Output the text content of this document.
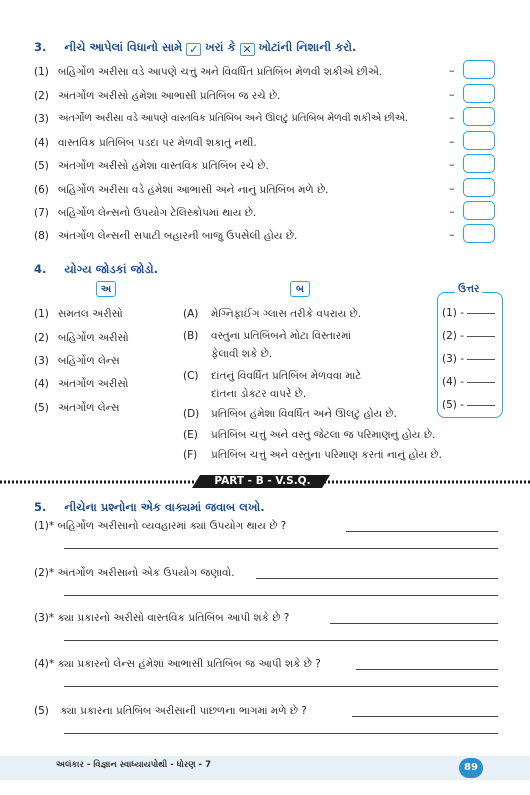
3. નીચે આપેલાં વિધાનો સામે ✓ ખરાં કે ✕ ખોટાંની નિશાની કરો.
(1) બહિર્ગોળ અરીસા વડે આપણે ચત્તું અને વિવર્ધિત પ્રતિબિંબ મેળવી શકીએ છીએ.	–
(2) અંતર્ગોળ અરીસો હંમેશા આભાસી પ્રતિબિંબ જ રચે છે.	–
(3) અંતર્ગોળ અરીસા વડે આપણે વાસ્તવિક પ્રતિબિંબ અને ઊલટું પ્રતિબિંબ મેળવી શકીએ છીએ.	–
(4) વાસ્તવિક પ્રતિબિંબ પડદા પર મેળવી શકાતું નથી.	–
(5) અંતર્ગોળ અરીસો હંમેશા વાસ્તવિક પ્રતિબિંબ રચે છે.	–
(6) બહિર્ગોળ અરીસા વડે હંમેશાં આભાસી અને નાનું પ્રતિબિંબ મળે છે.	–
(7) બહિર્ગોળ લેન્સનો ઉપયોગ ટેલિસ્કોપમાં થાય છે.	–
(8) અંતર્ગોળ લેન્સની સપાટી બહારની બાજુ ઉપસેલી હોય છે.	–
4. યોગ્ય જોડકાં જોડો.
અ	બ
(1) સમતલ અરીસો
(2) બહિર્ગોળ અરીસો
(3) બહિર્ગોળ લેન્સ
(4) અંતર્ગોળ અરીસો
(5) અંતર્ગોળ લેન્સ
(A) મેગ્નિફાઈંગ ગ્લાસ તરીકે વપરાય છે.
(B) વસ્તુના પ્રતિબિંબને મોટા વિસ્તારમાં
ફેલાવી શકે છે.
(C) દાંતનું વિવર્ધિત પ્રતિબિંબ મેળવવા માટે
દાંતના ડોક્ટર વાપરે છે.
(D) પ્રતિબિંબ હંમેશા વિવર્ધિત અને ઊલટું હોય છે.
(E) પ્રતિબિંબ ચત્તું અને વસ્તુ જેટલા જ પરિમાણનું હોય છે.
(F) પ્રતિબિંબ ચત્તું અને વસ્તુના પરિમાણ કરતાં નાનું હોય છે.
ઉત્તર
(1) -
(2) -
(3) -
(4) -
(5) -
PART - B - V.S.Q.
5. નીચેના પ્રશ્નોના એક વાક્યમાં જવાબ લખો.
(1)* બહિર્ગોળ અરીસાનો વ્યવહારમાં ક્યાં ઉપયોગ થાય છે ?
(2)* અંતર્ગોળ અરીસાનો એક ઉપયોગ જણાવો.
(3)* ક્યા પ્રકારનો અરીસો વાસ્તવિક પ્રતિબિંબ આપી શકે છે ?
(4)* ક્યા પ્રકારનો લેન્સ હંમેશાં આભાસી પ્રતિબિંબ જ આપી શકે છે ?
(5) ક્યા પ્રકારના પ્રતિબિંબ અરીસાની પાછળના ભાગમાં મળે છે ?
અલંકાર - વિજ્ઞાન સ્વાધ્યાયપોથી - ધોરણ - 7	89
